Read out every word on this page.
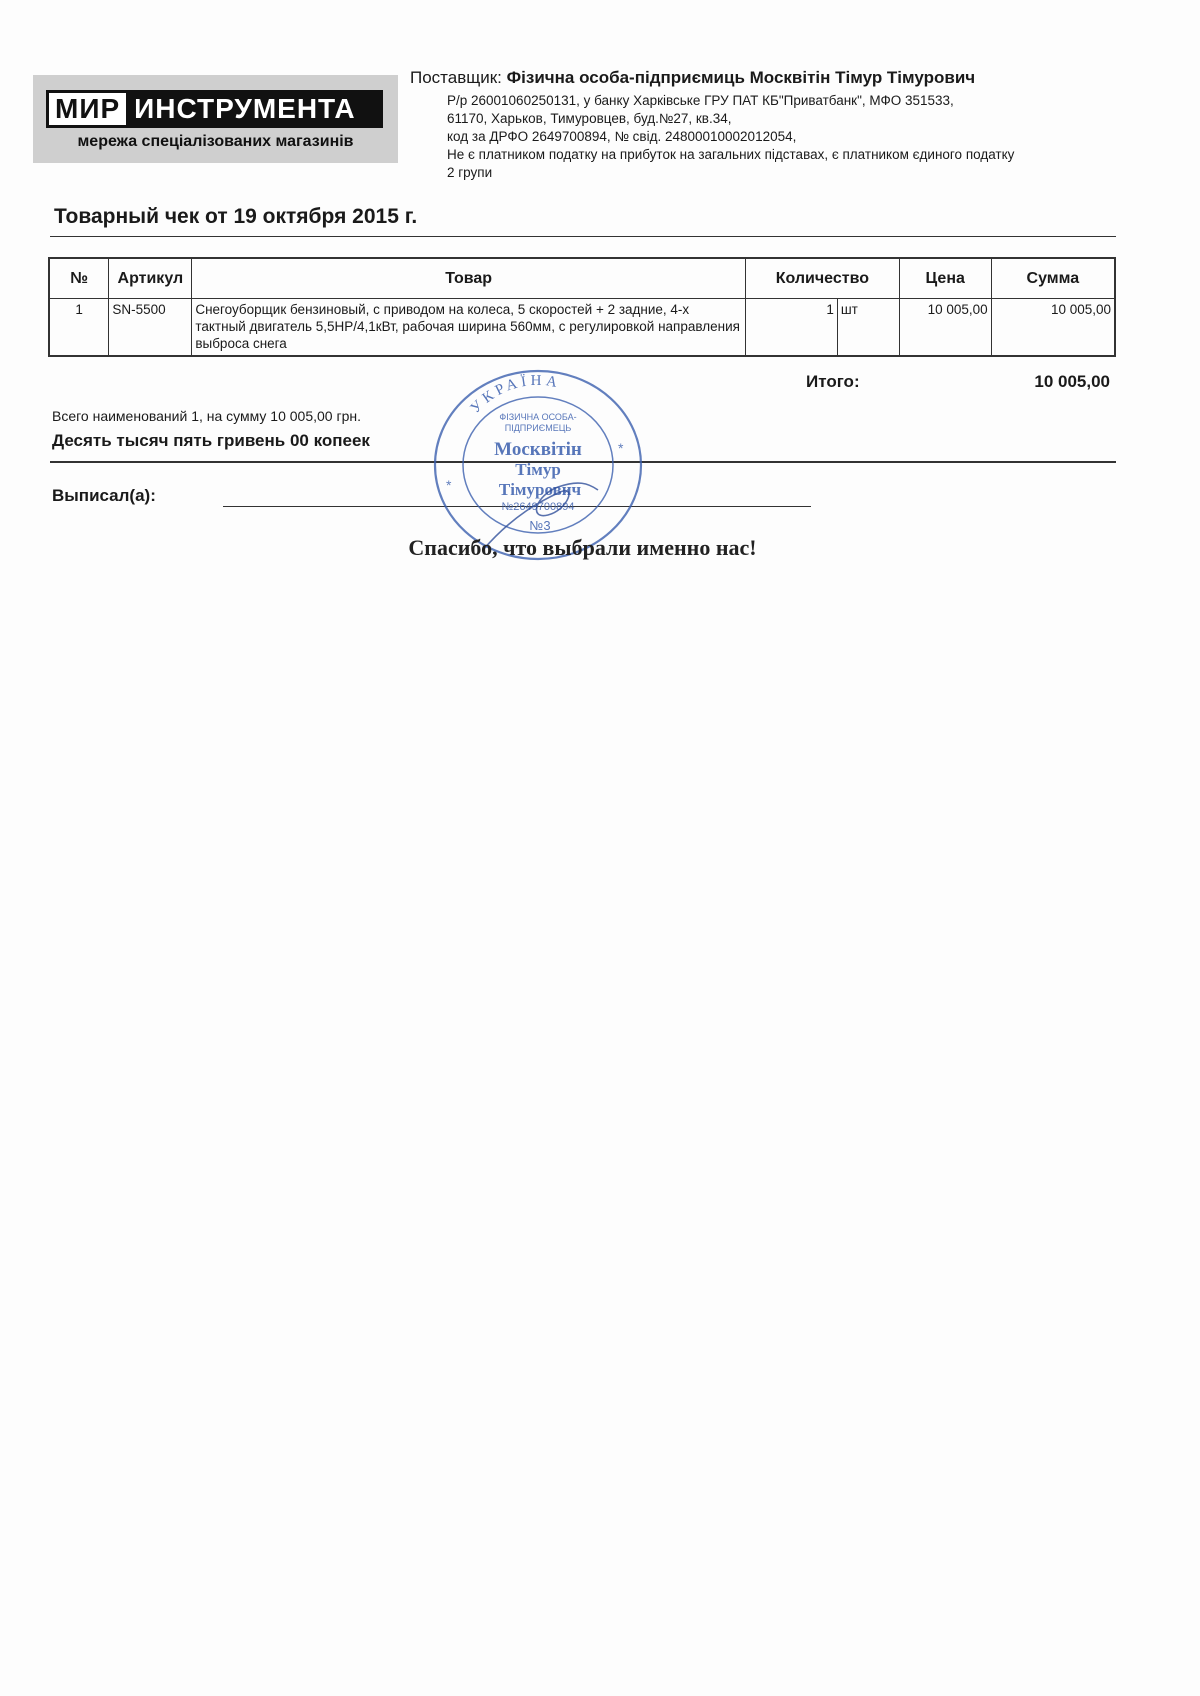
МИР ИНСТРУМЕНТА
мережа спеціалізованих магазинів
Поставщик: Фізична особа-підприємиць Москвітін Тімур Тімурович
Р/р 26001060250131, у банку Харківське ГРУ ПАТ КБ"Приватбанк", МФО 351533,
61170, Харьков, Тимуровцев, буд.№27, кв.34,
код за ДРФО 2649700894, № свід. 24800010002012054,
Не є платником податку на прибуток на загальних підставах, є платником єдиного податку
2 групи
Товарный чек от 19 октября 2015 г.
№	Артикул	Товар	Количество		Цена	Сумма
1	SN-5500	Снегоуборщик бензиновый, с приводом на колеса, 5 скоростей + 2 задние, 4-х тактный двигатель 5,5HP/4,1кВт, рабочая ширина 560мм, с регулировкой направления выброса снега	1	шт	10 005,00	10 005,00
Итого:	10 005,00
Всего наименований 1, на сумму 10 005,00 грн.
Десять тысяч пять гривень 00 копеек
Выписал(а):
УКРАЇНА
ФІЗИЧНА ОСОБА-
ПІДПРИЄМЕЦЬ
Москвітін
Тімур
Тімурович
№2649700894
№3
*
*
Спасибо, что выбрали именно нас!
